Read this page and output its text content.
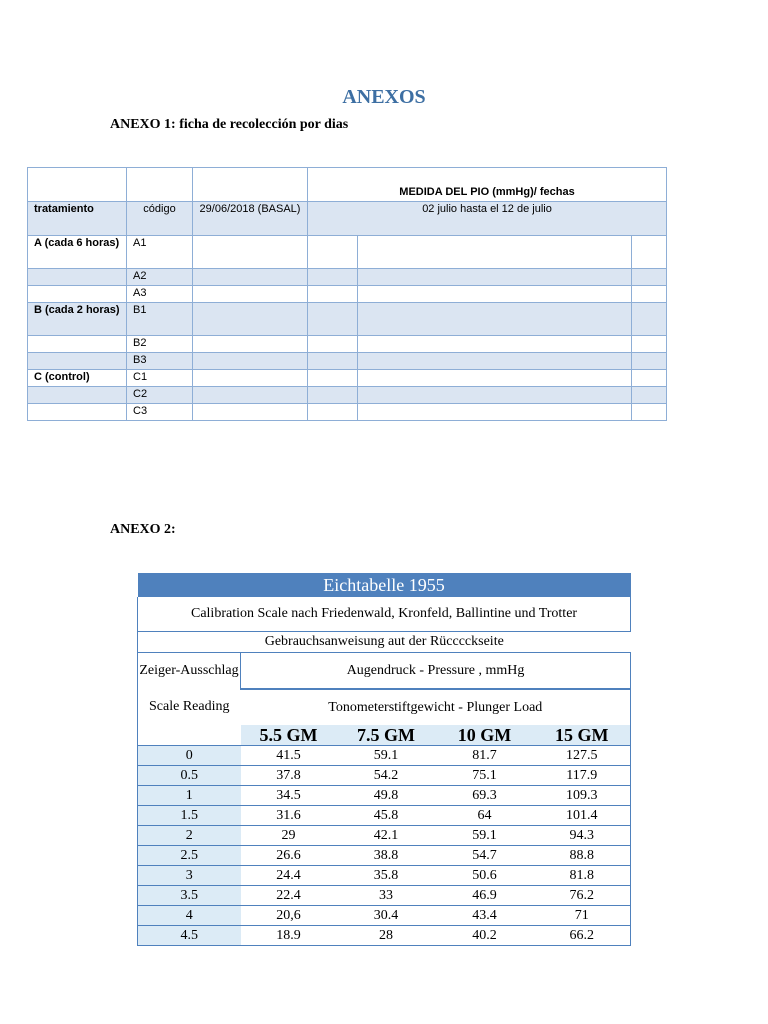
ANEXOS
ANEXO 1: ficha de recolección por dias
			MEDIDA DEL PIO (mmHg)/ fechas		
tratamiento	código	29/06/2018 (BASAL)	02 julio hasta el 12 de julio		
A (cada 6 horas)	A1				
	A2				
	A3				
B (cada 2 horas)	B1				
	B2				
	B3				
C (control)	C1				
	C2				
	C3				
ANEXO 2:
Eichtabelle 1955				
Calibration Scale nach Friedenwald, Kronfeld, Ballintine und Trotter				
Gebrauchsanweisung aut der Rücccckseite				
Zeiger-Ausschlag	Augendruck - Pressure , mmHg			
Scale Reading	Tonometerstiftgewicht - Plunger Load			
	5.5 GM	7.5 GM	10 GM	15 GM
0	41.5	59.1	81.7	127.5
0.5	37.8	54.2	75.1	117.9
1	34.5	49.8	69.3	109.3
1.5	31.6	45.8	64	101.4
2	29	42.1	59.1	94.3
2.5	26.6	38.8	54.7	88.8
3	24.4	35.8	50.6	81.8
3.5	22.4	33	46.9	76.2
4	20,6	30.4	43.4	71
4.5	18.9	28	40.2	66.2
